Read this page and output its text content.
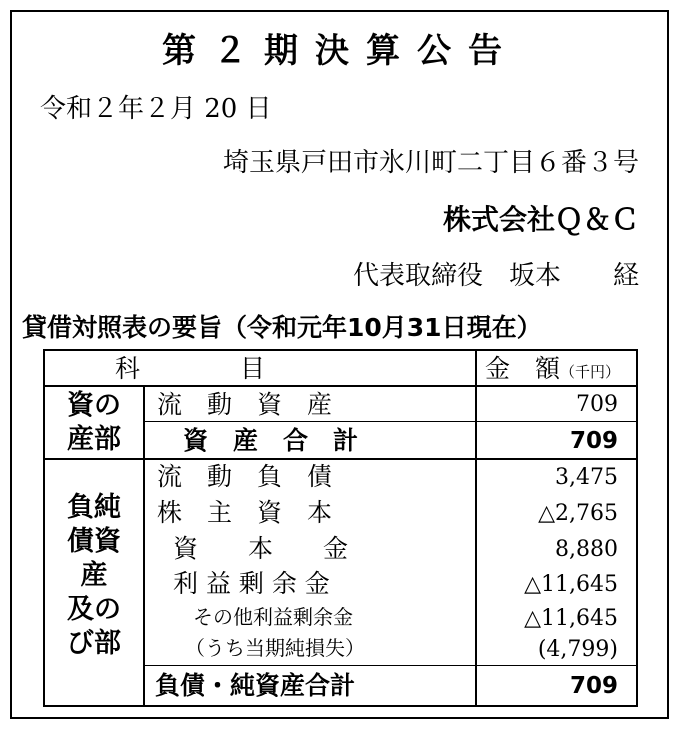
第２期決算公告
令和２年２月 20 日
埼玉県戸田市氷川町二丁目６番３号
株式会社Ｑ＆Ｃ
代表取締役　坂本　　経
貸借対照表の要旨（令和元年10月31日現在）
科　　　　目	金　額（千円）
資の
産部
流　動　資　産	709
資　産　合　計	709
負純
債資
産
及の
び部
流　動　負　債	3,475
株　主　資　本	△2,765
資　　本　　金	8,880
利 益 剰 余 金	△11,645
その他利益剰余金	△11,645
（うち当期純損失）	(4,799)
負債・純資産合計	709
